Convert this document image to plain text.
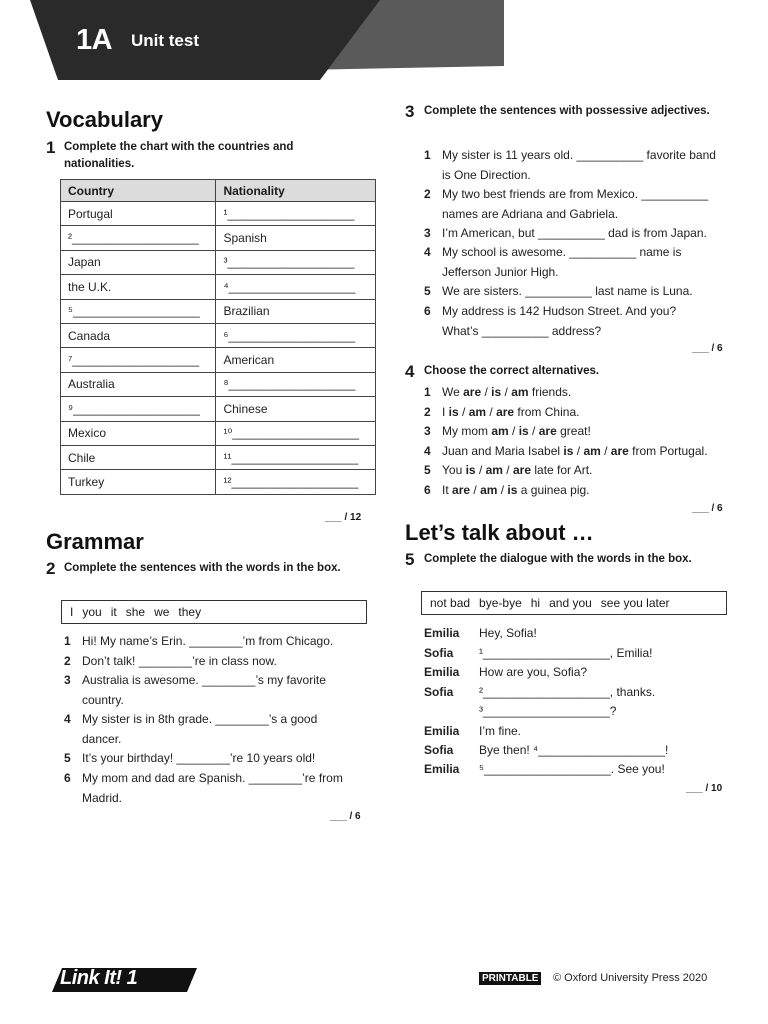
1A Unit test
Vocabulary
1 Complete the chart with the countries and nationalities.
Country	Nationality
Portugal	¹___________________
²___________________	Spanish
Japan	³___________________
the U.K.	⁴___________________
⁵___________________	Brazilian
Canada	⁶___________________
⁷___________________	American
Australia	⁸___________________
⁹___________________	Chinese
Mexico	¹⁰___________________
Chile	¹¹___________________
Turkey	¹²___________________
___ / 12
Grammar
2 Complete the sentences with the words in the box.
I you it she we they
1 Hi! My name’s Erin. ________’m from Chicago.
2 Don’t talk! ________’re in class now.
3 Australia is awesome. ________’s my favorite country.
4 My sister is in 8th grade. ________’s a good dancer.
5 It’s your birthday! ________’re 10 years old!
6 My mom and dad are Spanish. ________’re from Madrid.
___ / 6
3 Complete the sentences with possessive adjectives.
1 My sister is 11 years old. __________ favorite band is One Direction.
2 My two best friends are from Mexico. __________ names are Adriana and Gabriela.
3 I’m American, but __________ dad is from Japan.
4 My school is awesome. __________ name is Jefferson Junior High.
5 We are sisters. __________ last name is Luna.
6 My address is 142 Hudson Street. And you? What’s __________ address?
___ / 6
4 Choose the correct alternatives.
1 We are / is / am friends.
2 I is / am / are from China.
3 My mom am / is / are great!
4 Juan and Maria Isabel is / am / are from Portugal.
5 You is / am / are late for Art.
6 It are / am / is a guinea pig.
___ / 6
Let’s talk about …
5 Complete the dialogue with the words in the box.
not bad bye-bye hi and you see you later
Emilia Hey, Sofia!
Sofia ¹___________________, Emilia!
Emilia How are you, Sofia?
Sofia ²___________________, thanks.
³___________________?
Emilia I’m fine.
Sofia Bye then! ⁴___________________!
Emilia ⁵___________________. See you!
___ / 10
Link It! 1	PRINTABLE © Oxford University Press 2020
